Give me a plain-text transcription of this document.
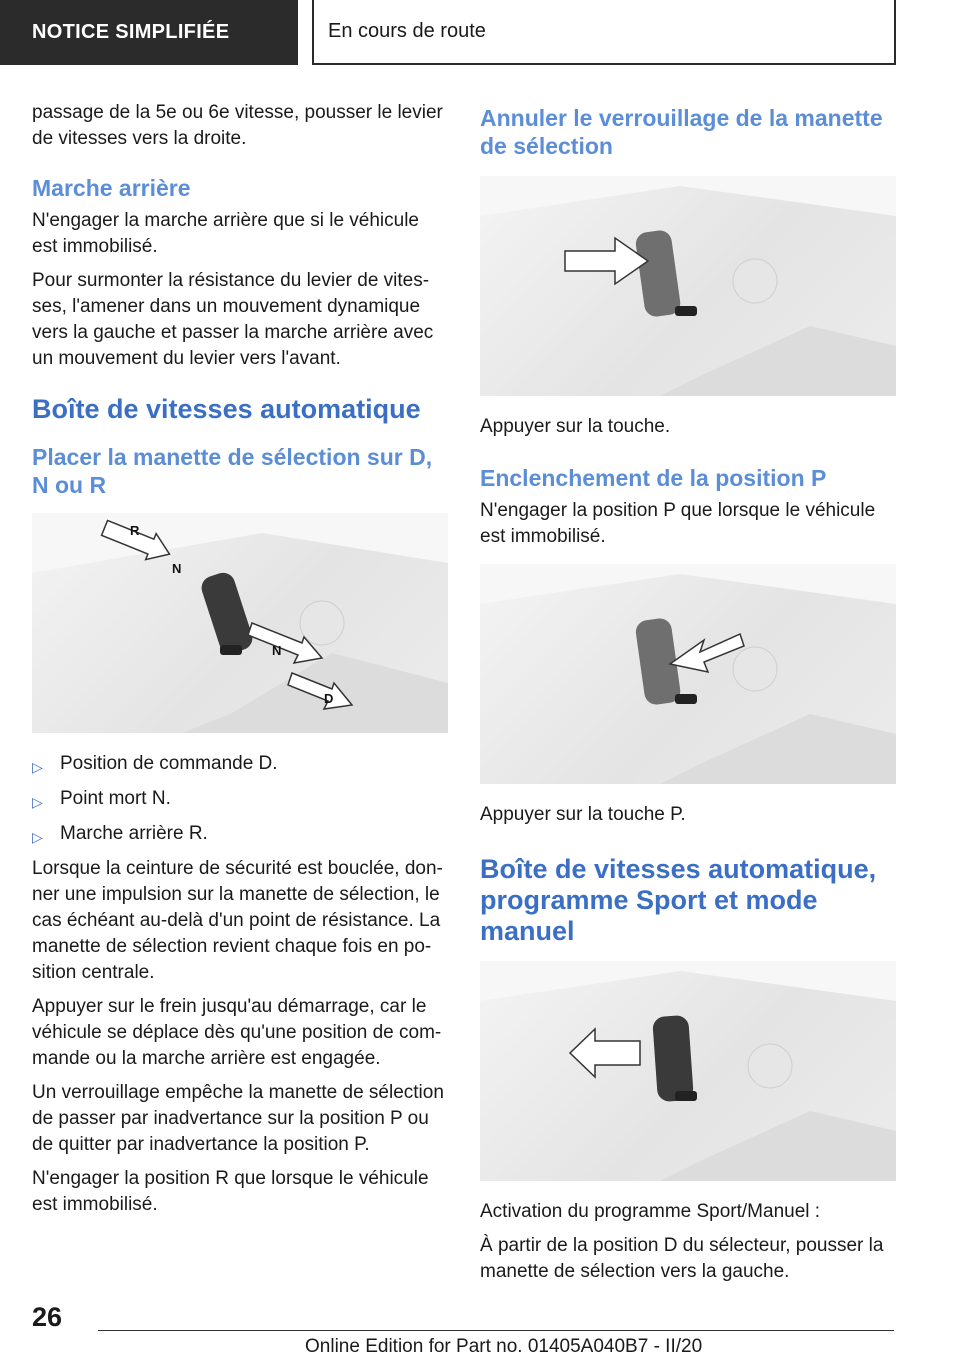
NOTICE SIMPLIFIÉE	En cours de route

passage de la 5e ou 6e vitesse, pousser le levier de vitesses vers la droite.

Marche arrière

N'engager la marche arrière que si le véhicule est immobilisé.

Pour surmonter la résistance du levier de vites-ses, l'amener dans un mouvement dynamique vers la gauche et passer la marche arrière avec un mouvement du levier vers l'avant.

Boîte de vitesses automatique
Placer la manette de sélection sur D, N ou R
R
N
N
D
▷ Position de commande D.
▷ Point mort N.
▷ Marche arrière R.

Lorsque la ceinture de sécurité est bouclée, don-ner une impulsion sur la manette de sélection, le cas échéant au-delà d'un point de résistance. La manette de sélection revient chaque fois en po-sition centrale.

Appuyer sur le frein jusqu'au démarrage, car le véhicule se déplace dès qu'une position de com-mande ou la marche arrière est engagée.

Un verrouillage empêche la manette de sélection de passer par inadvertance sur la position P ou de quitter par inadvertance la position P.

N'engager la position R que lorsque le véhicule est immobilisé.

Annuler le verrouillage de la manette de sélection

Appuyer sur la touche.

Enclenchement de la position P

N'engager la position P que lorsque le véhicule est immobilisé.

Appuyer sur la touche P.

Boîte de vitesses automatique, programme Sport et mode manuel

Activation du programme Sport/Manuel :

À partir de la position D du sélecteur, pousser la manette de sélection vers la gauche.

26
Online Edition for Part no. 01405A040B7 - II/20
